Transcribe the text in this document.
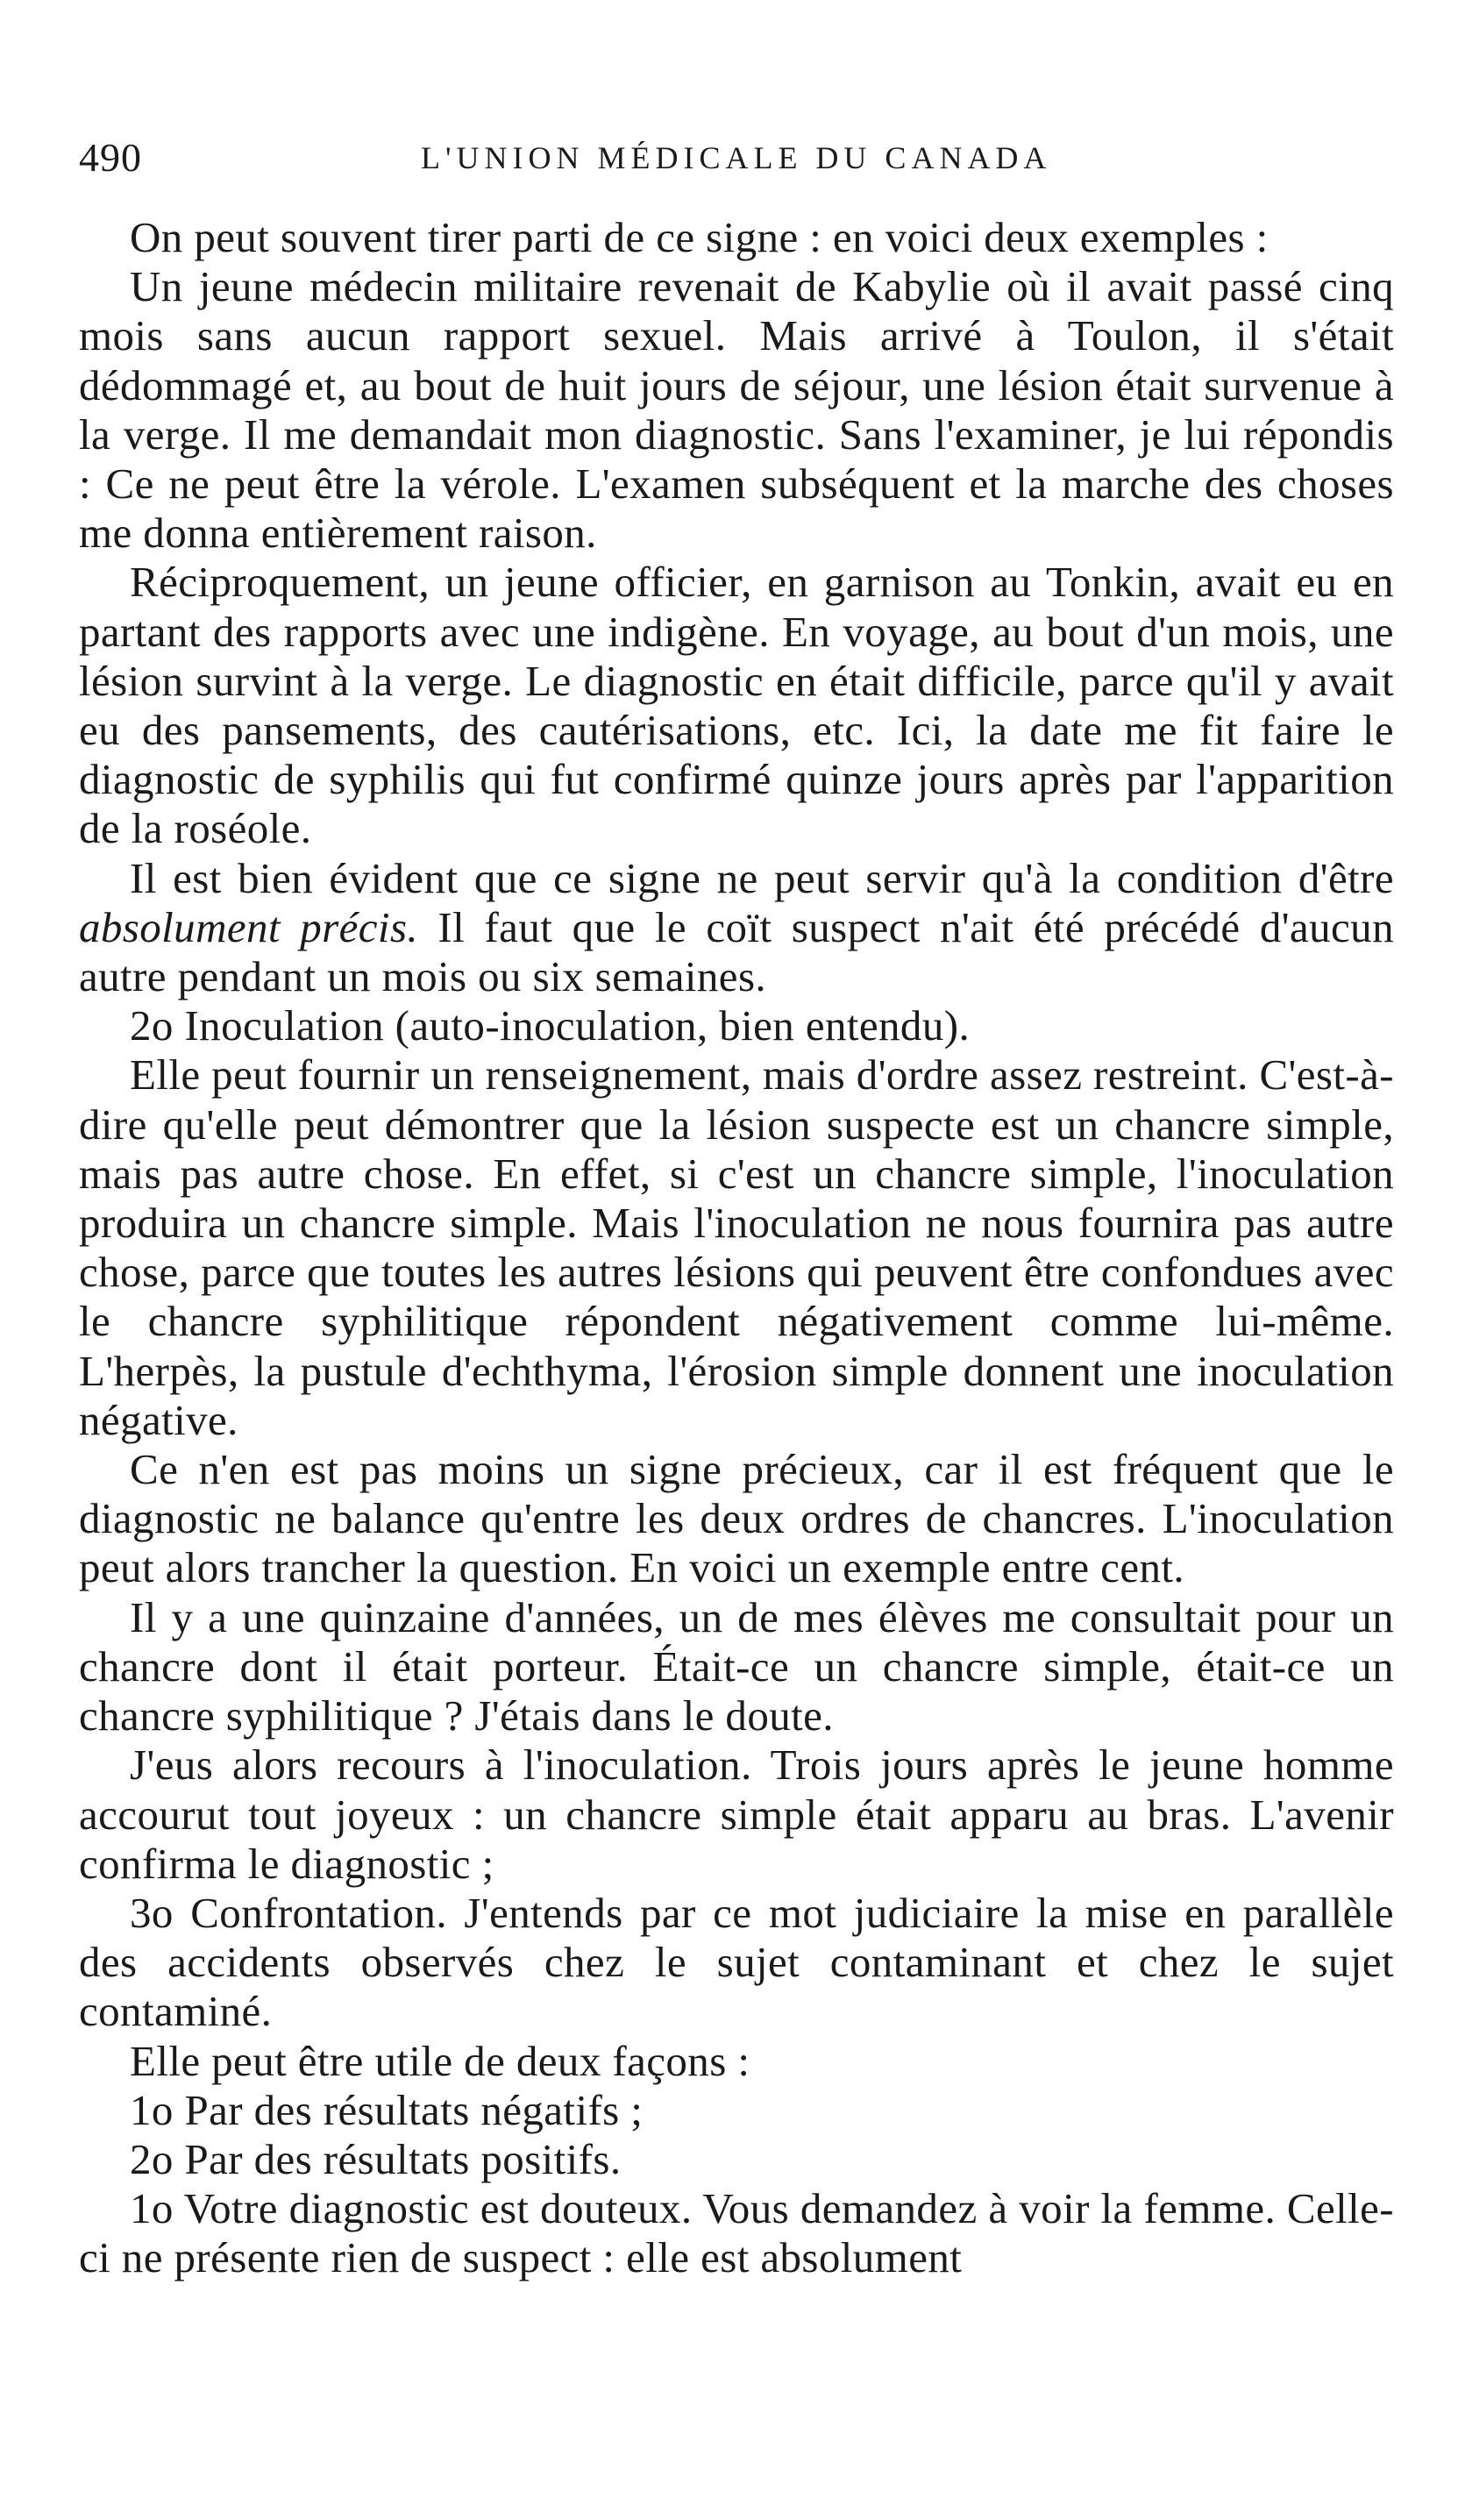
490	L'UNION MÉDICALE DU CANADA

On peut souvent tirer parti de ce signe : en voici deux exemples :

Un jeune médecin militaire revenait de Kabylie où il avait passé cinq mois sans aucun rapport sexuel. Mais arrivé à Toulon, il s'était dédommagé et, au bout de huit jours de séjour, une lésion était survenue à la verge. Il me demandait mon diagnostic. Sans l'examiner, je lui répondis : Ce ne peut être la vérole. L'examen subséquent et la marche des choses me donna entièrement raison.

Réciproquement, un jeune officier, en garnison au Tonkin, avait eu en partant des rapports avec une indigène. En voyage, au bout d'un mois, une lésion survint à la verge. Le diagnostic en était difficile, parce qu'il y avait eu des pansements, des cautérisations, etc. Ici, la date me fit faire le diagnostic de syphilis qui fut confirmé quinze jours après par l'apparition de la roséole.

Il est bien évident que ce signe ne peut servir qu'à la condition d'être absolument précis. Il faut que le coït suspect n'ait été précédé d'aucun autre pendant un mois ou six semaines.

2o Inoculation (auto-inoculation, bien entendu).

Elle peut fournir un renseignement, mais d'ordre assez restreint. C'est-à-dire qu'elle peut démontrer que la lésion suspecte est un chancre simple, mais pas autre chose. En effet, si c'est un chancre simple, l'inoculation produira un chancre simple. Mais l'inoculation ne nous fournira pas autre chose, parce que toutes les autres lésions qui peuvent être confondues avec le chancre syphilitique répondent négativement comme lui-même. L'herpès, la pustule d'echthyma, l'érosion simple donnent une inoculation négative.

Ce n'en est pas moins un signe précieux, car il est fréquent que le diagnostic ne balance qu'entre les deux ordres de chancres. L'inoculation peut alors trancher la question. En voici un exemple entre cent.

Il y a une quinzaine d'années, un de mes élèves me consultait pour un chancre dont il était porteur. Était-ce un chancre simple, était-ce un chancre syphilitique ? J'étais dans le doute.

J'eus alors recours à l'inoculation. Trois jours après le jeune homme accourut tout joyeux : un chancre simple était apparu au bras. L'avenir confirma le diagnostic ;

3o Confrontation. J'entends par ce mot judiciaire la mise en parallèle des accidents observés chez le sujet contaminant et chez le sujet contaminé.

Elle peut être utile de deux façons :

1o Par des résultats négatifs ;

2o Par des résultats positifs.

1o Votre diagnostic est douteux. Vous demandez à voir la femme. Celle-ci ne présente rien de suspect : elle est absolument
